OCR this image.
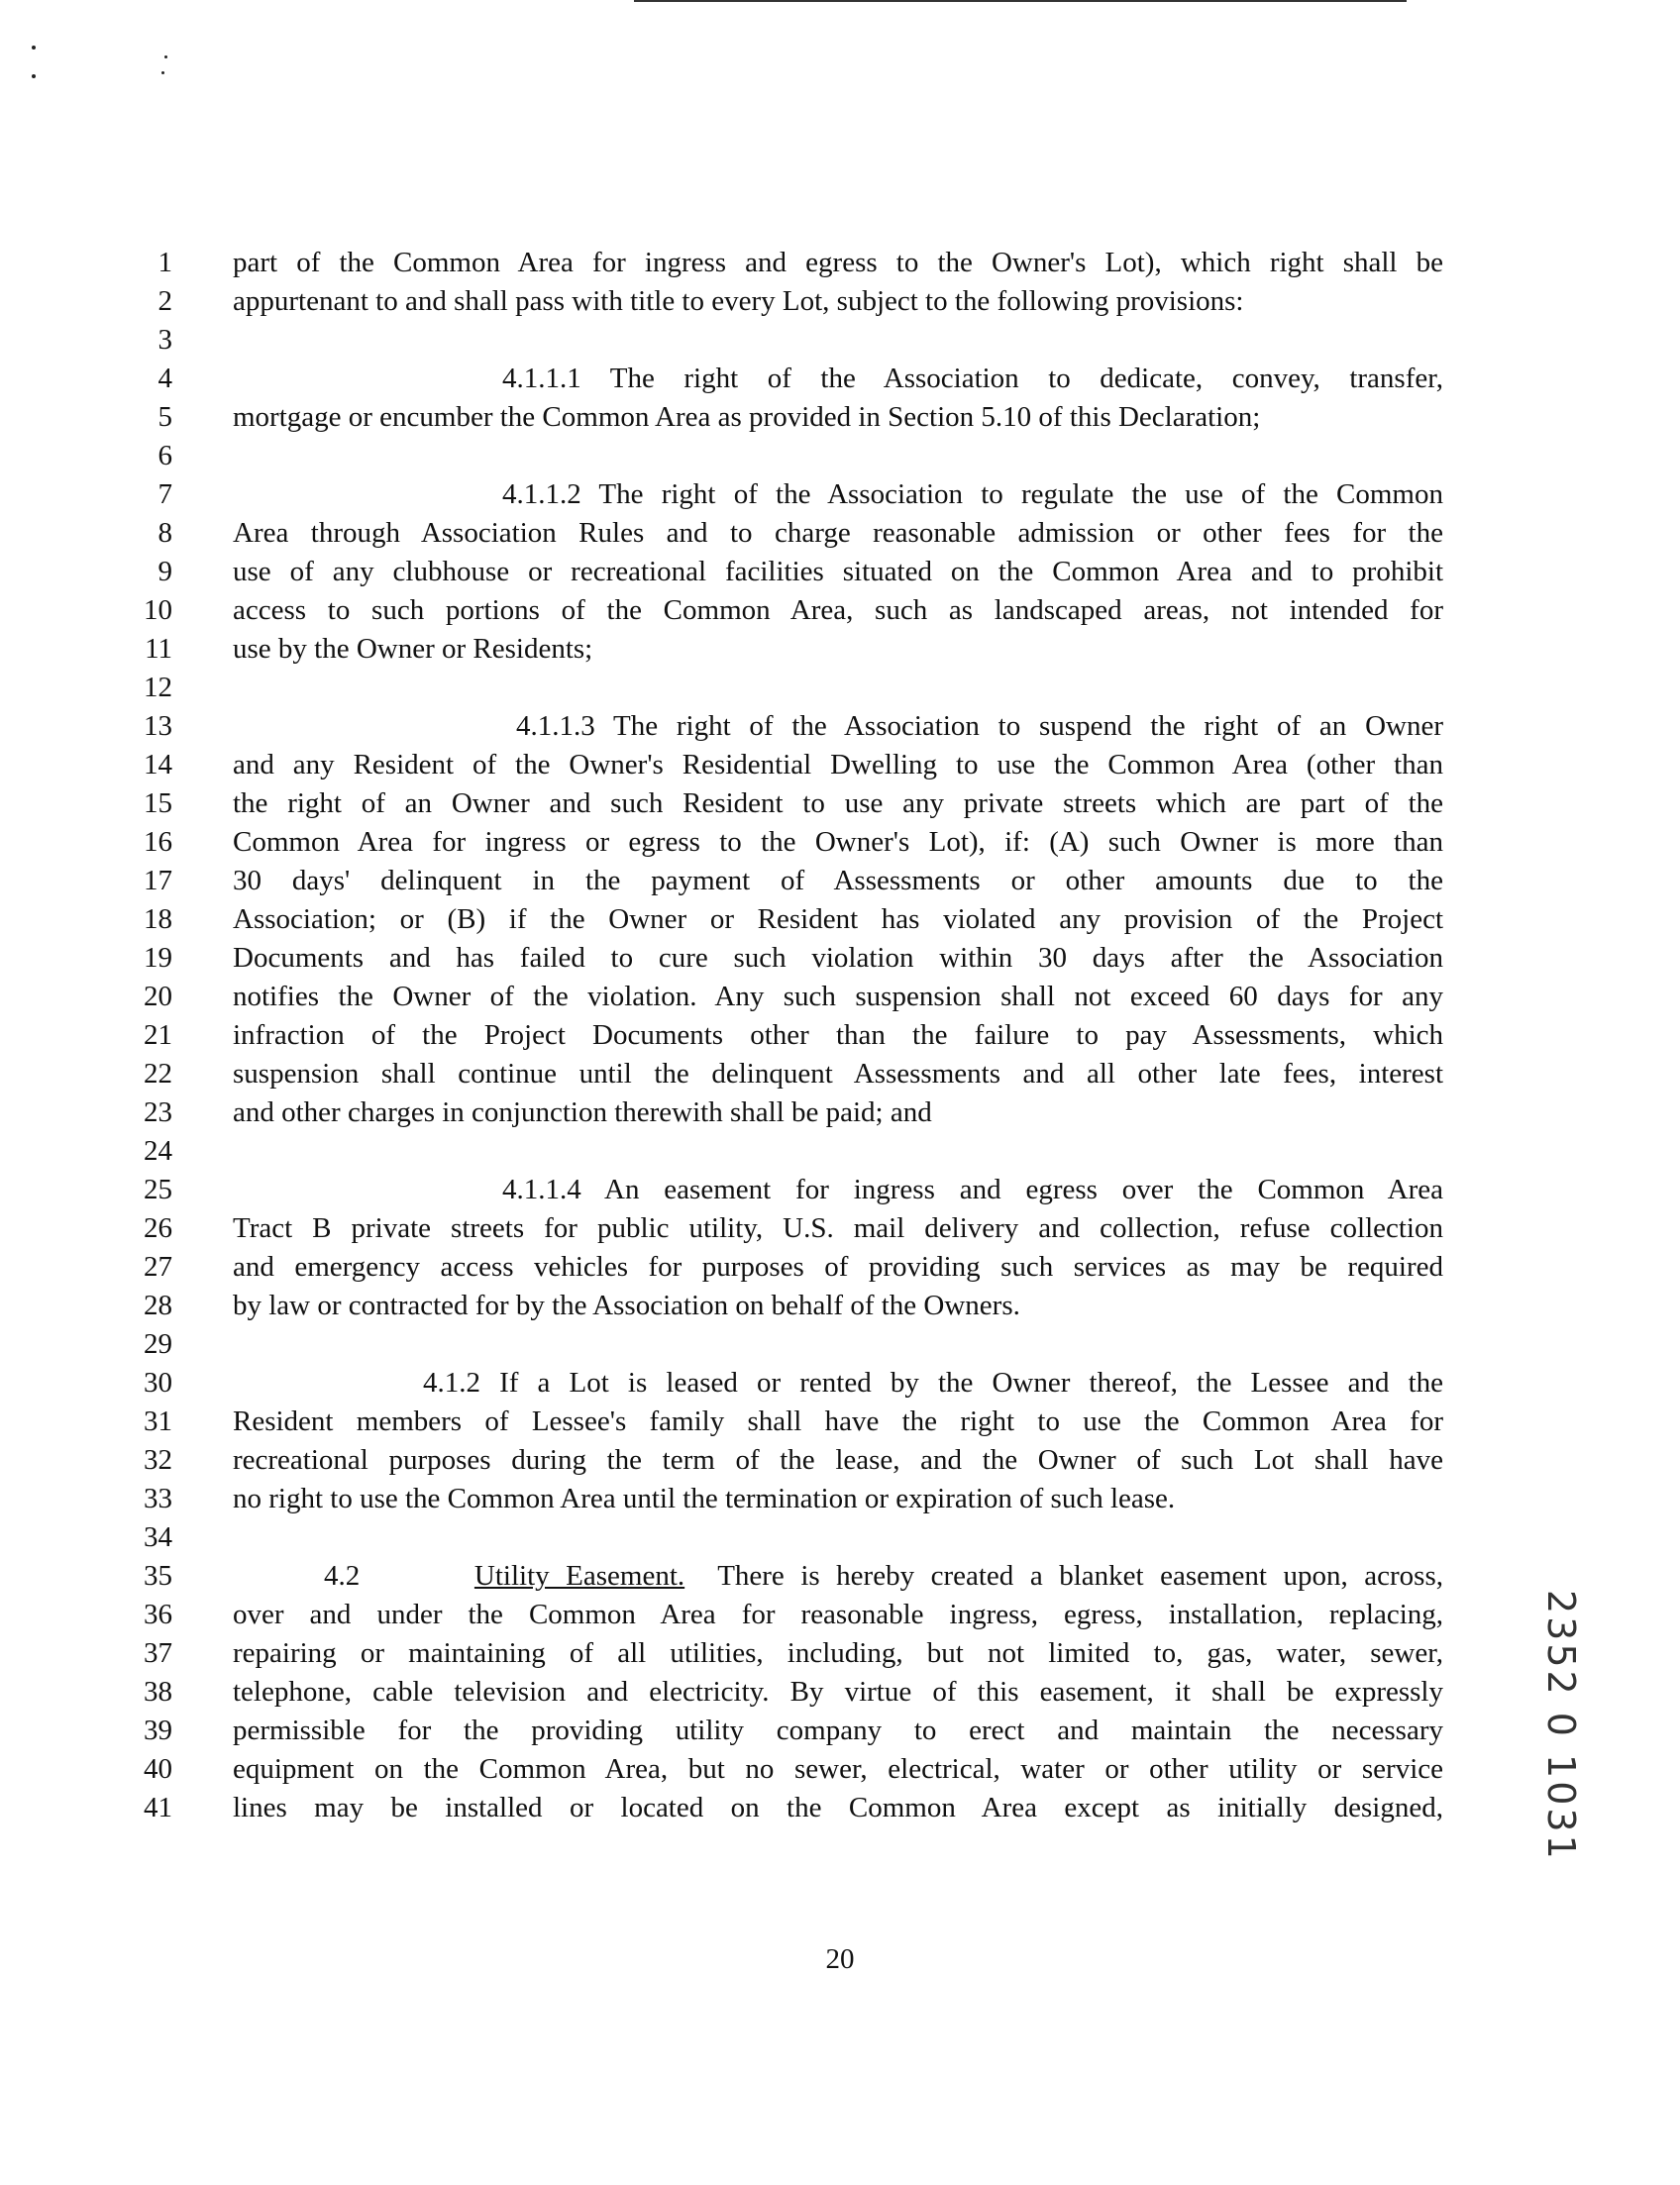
1 part of the Common Area for ingress and egress to the Owner's Lot), which right shall be
2 appurtenant to and shall pass with title to every Lot, subject to the following provisions:
3
4	4.1.1.1 The right of the Association to dedicate, convey, transfer,
5 mortgage or encumber the Common Area as provided in Section 5.10 of this Declaration;
6
7	4.1.1.2 The right of the Association to regulate the use of the Common
8 Area through Association Rules and to charge reasonable admission or other fees for the
9 use of any clubhouse or recreational facilities situated on the Common Area and to prohibit
10 access to such portions of the Common Area, such as landscaped areas, not intended for
11 use by the Owner or Residents;
12
13	4.1.1.3 The right of the Association to suspend the right of an Owner
14 and any Resident of the Owner's Residential Dwelling to use the Common Area (other than
15 the right of an Owner and such Resident to use any private streets which are part of the
16 Common Area for ingress or egress to the Owner's Lot), if: (A) such Owner is more than
17 30 days' delinquent in the payment of Assessments or other amounts due to the
18 Association; or (B) if the Owner or Resident has violated any provision of the Project
19 Documents and has failed to cure such violation within 30 days after the Association
20 notifies the Owner of the violation. Any such suspension shall not exceed 60 days for any
21 infraction of the Project Documents other than the failure to pay Assessments, which
22 suspension shall continue until the delinquent Assessments and all other late fees, interest
23 and other charges in conjunction therewith shall be paid; and
24
25	4.1.1.4 An easement for ingress and egress over the Common Area
26 Tract B private streets for public utility, U.S. mail delivery and collection, refuse collection
27 and emergency access vehicles for purposes of providing such services as may be required
28 by law or contracted for by the Association on behalf of the Owners.
29
30	4.1.2 If a Lot is leased or rented by the Owner thereof, the Lessee and the
31 Resident members of Lessee's family shall have the right to use the Common Area for
32 recreational purposes during the term of the lease, and the Owner of such Lot shall have
33 no right to use the Common Area until the termination or expiration of such lease.
34
35	4.2	Utility Easement. There is hereby created a blanket easement upon, across,
36 over and under the Common Area for reasonable ingress, egress, installation, replacing,
37 repairing or maintaining of all utilities, including, but not limited to, gas, water, sewer,
38 telephone, cable television and electricity. By virtue of this easement, it shall be expressly
39 permissible for the providing utility company to erect and maintain the necessary
40 equipment on the Common Area, but no sewer, electrical, water or other utility or service
41 lines may be installed or located on the Common Area except as initially designed,
20
2352 0 1031
